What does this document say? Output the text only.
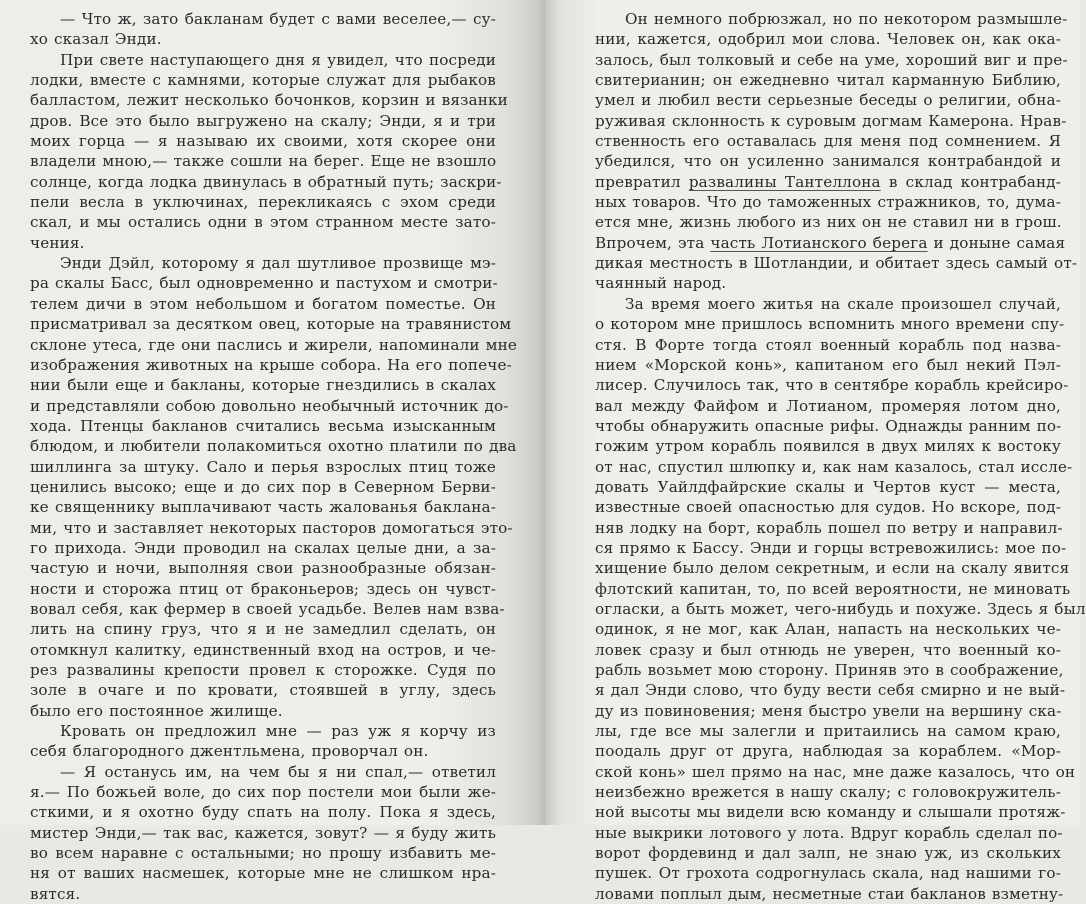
— Что ж, зато бакланам будет с вами веселее,— су-
хо сказал Энди.
При свете наступающего дня я увидел, что посреди
лодки, вместе с камнями, которые служат для рыбаков
балластом, лежит несколько бочонков, корзин и вязанки
дров. Все это было выгружено на скалу; Энди, я и три
моих горца — я называю их своими, хотя скорее они
владели мною,— также сошли на берег. Еще не взошло
солнце, когда лодка двинулась в обратный путь; заскри-
пели весла в уключинах, перекликаясь с эхом среди
скал, и мы остались одни в этом странном месте зато-
чения.
Энди Дэйл, которому я дал шутливое прозвище мэ-
ра скалы Басс, был одновременно и пастухом и смотри-
телем дичи в этом небольшом и богатом поместье. Он
присматривал за десятком овец, которые на травянистом
склоне утеса, где они паслись и жирели, напоминали мне
изображения животных на крыше собора. На его попече-
нии были еще и бакланы, которые гнездились в скалах
и представляли собою довольно необычный источник до-
хода. Птенцы бакланов считались весьма изысканным
блюдом, и любители полакомиться охотно платили по два
шиллинга за штуку. Сало и перья взрослых птиц тоже
ценились высоко; еще и до сих пор в Северном Берви-
ке священнику выплачивают часть жалованья баклана-
ми, что и заставляет некоторых пасторов домогаться это-
го прихода. Энди проводил на скалах целые дни, а за-
частую и ночи, выполняя свои разнообразные обязан-
ности и сторожа птиц от браконьеров; здесь он чувст-
вовал себя, как фермер в своей усадьбе. Велев нам взва-
лить на спину груз, что я и не замедлил сделать, он
отомкнул калитку, единственный вход на остров, и че-
рез развалины крепости провел к сторожке. Судя по
золе в очаге и по кровати, стоявшей в углу, здесь
было его постоянное жилище.
Кровать он предложил мне — раз уж я корчу из
себя благородного джентльмена, проворчал он.
— Я останусь им, на чем бы я ни спал,— ответил
я.— По божьей воле, до сих пор постели мои были же-
сткими, и я охотно буду спать на полу. Пока я здесь,
мистер Энди,— так вас, кажется, зовут? — я буду жить
во всем наравне с остальными; но прошу избавить ме-
ня от ваших насмешек, которые мне не слишком нра-
вятся.
Он немного побрюзжал, но по некотором размышле-
нии, кажется, одобрил мои слова. Человек он, как ока-
залось, был толковый и себе на уме, хороший виг и пре-
свитерианин; он ежедневно читал карманную Библию,
умел и любил вести серьезные беседы о религии, обна-
руживая склонность к суровым догмам Камерона. Нрав-
ственность его оставалась для меня под сомнением. Я
убедился, что он усиленно занимался контрабандой и
превратил развалины Тантеллона в склад контрабанд-
ных товаров. Что до таможенных стражников, то, дума-
ется мне, жизнь любого из них он не ставил ни в грош.
Впрочем, эта часть Лотианского берега и доныне самая
дикая местность в Шотландии, и обитает здесь самый от-
чаянный народ.
За время моего житья на скале произошел случай,
о котором мне пришлось вспомнить много времени спу-
стя. В Форте тогда стоял военный корабль под назва-
нием «Морской конь», капитаном его был некий Пэл-
лисер. Случилось так, что в сентябре корабль крейсиро-
вал между Файфом и Лотианом, промеряя лотом дно,
чтобы обнаружить опасные рифы. Однажды ранним по-
гожим утром корабль появился в двух милях к востоку
от нас, спустил шлюпку и, как нам казалось, стал иссле-
довать Уайлдфайрские скалы и Чертов куст — места,
известные своей опасностью для судов. Но вскоре, под-
няв лодку на борт, корабль пошел по ветру и направил-
ся прямо к Бассу. Энди и горцы встревожились: мое по-
хищение было делом секретным, и если на скалу явится
флотский капитан, то, по всей вероятности, не миновать
огласки, а быть может, чего-нибудь и похуже. Здесь я был
одинок, я не мог, как Алан, напасть на нескольких че-
ловек сразу и был отнюдь не уверен, что военный ко-
рабль возьмет мою сторону. Приняв это в соображение,
я дал Энди слово, что буду вести себя смирно и не вый-
ду из повиновения; меня быстро увели на вершину ска-
лы, где все мы залегли и притаились на самом краю,
поодаль друг от друга, наблюдая за кораблем. «Мор-
ской конь» шел прямо на нас, мне даже казалось, что он
неизбежно врежется в нашу скалу; с головокружитель-
ной высоты мы видели всю команду и слышали протяж-
ные выкрики лотового у лота. Вдруг корабль сделал по-
ворот фордевинд и дал залп, не знаю уж, из скольких
пушек. От грохота содрогнулась скала, над нашими го-
ловами поплыл дым, несметные стаи бакланов взметну-
